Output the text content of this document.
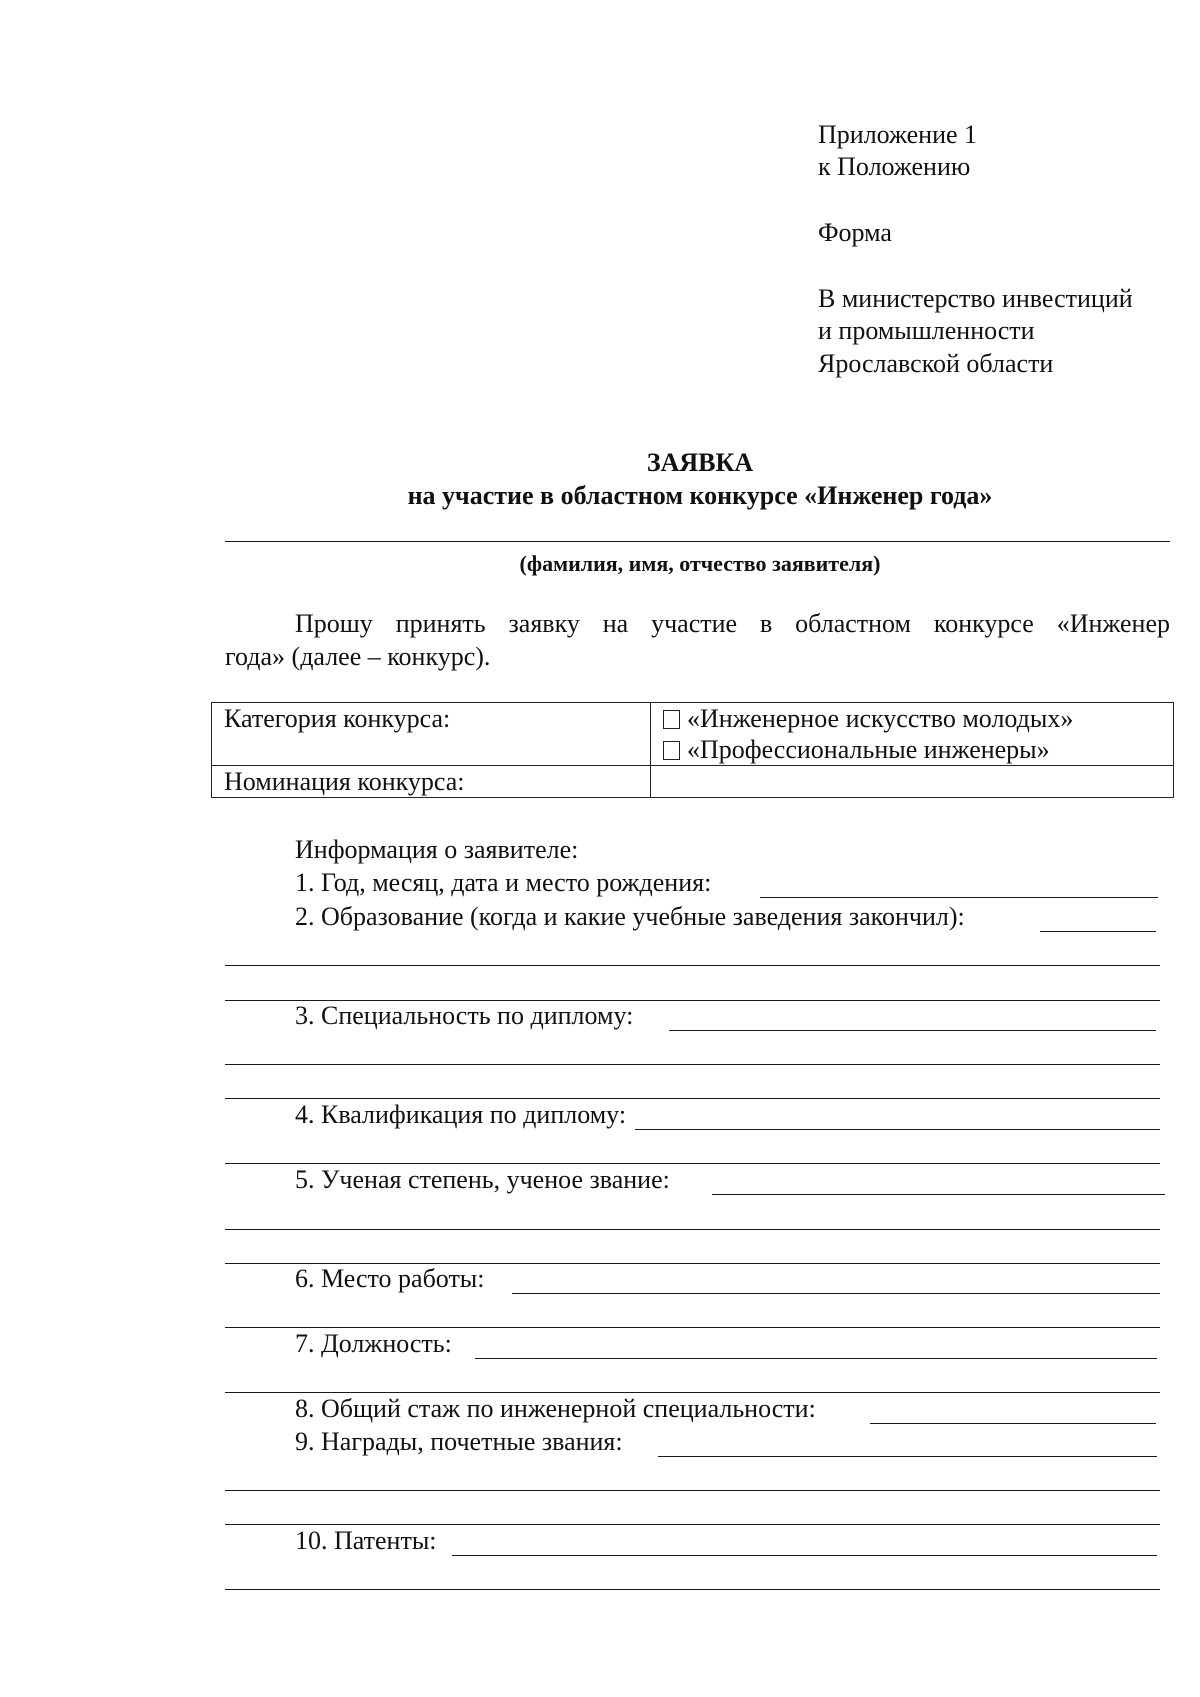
Приложение 1
к Положению
Форма
В министерство инвестиций
и промышленности
Ярославской области
ЗАЯВКА
на участие в областном конкурсе «Инженер года»
(фамилия, имя, отчество заявителя)
Прошу принять заявку на участие в областном конкурсе «Инженер
года» (далее – конкурс).
Категория конкурса:	«Инженерное искусство молодых»
«Профессиональные инженеры»

Номинация конкурса:	
Информация о заявителе:
1. Год, месяц, дата и место рождения:
2. Образование (когда и какие учебные заведения закончил):
3. Специальность по диплому:
4. Квалификация по диплому:
5. Ученая степень, ученое звание:
6. Место работы:
7. Должность:
8. Общий стаж по инженерной специальности:
9. Награды, почетные звания:
10. Патенты:
